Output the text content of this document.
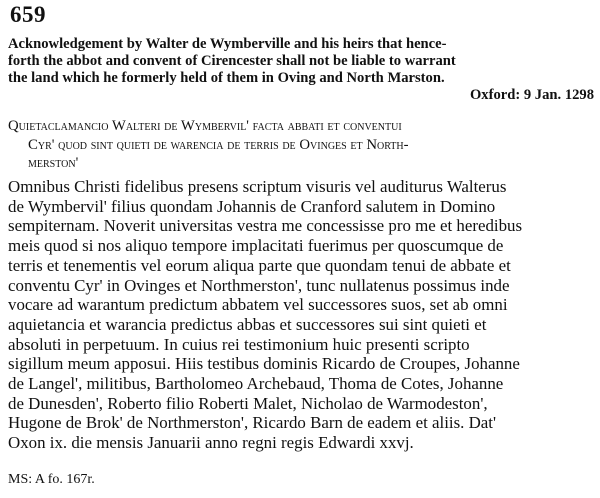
659
Acknowledgement by Walter de Wymberville and his heirs that hence-
forth the abbot and convent of Cirencester shall not be liable to warrant
the land which he formerly held of them in Oving and North Marston.
Oxford: 9 Jan. 1298
Quietaclamancio Walteri de Wymbervil' facta abbati et conventui
Cyr' quod sint quieti de warencia de terris de Ovinges et North-
merston'
Omnibus Christi fidelibus presens scriptum visuris vel auditurus Walterus
de Wymbervil' filius quondam Johannis de Cranford salutem in Domino
sempiternam. Noverit universitas vestra me concessisse pro me et heredibus
meis quod si nos aliquo tempore implacitati fuerimus per quoscumque de
terris et tenementis vel eorum aliqua parte que quondam tenui de abbate et
conventu Cyr' in Ovinges et Northmerston', tunc nullatenus possimus inde
vocare ad warantum predictum abbatem vel successores suos, set ab omni
aquietancia et warancia predictus abbas et successores sui sint quieti et
absoluti in perpetuum. In cuius rei testimonium huic presenti scripto
sigillum meum apposui. Hiis testibus dominis Ricardo de Croupes, Johanne
de Langel', militibus, Bartholomeo Archebaud, Thoma de Cotes, Johanne
de Dunesden', Roberto filio Roberti Malet, Nicholao de Warmodeston',
Hugone de Brok' de Northmerston', Ricardo Barn de eadem et aliis. Dat'
Oxon ix. die mensis Januarii anno regni regis Edwardi xxvj.
MS: A fo. 167r.
